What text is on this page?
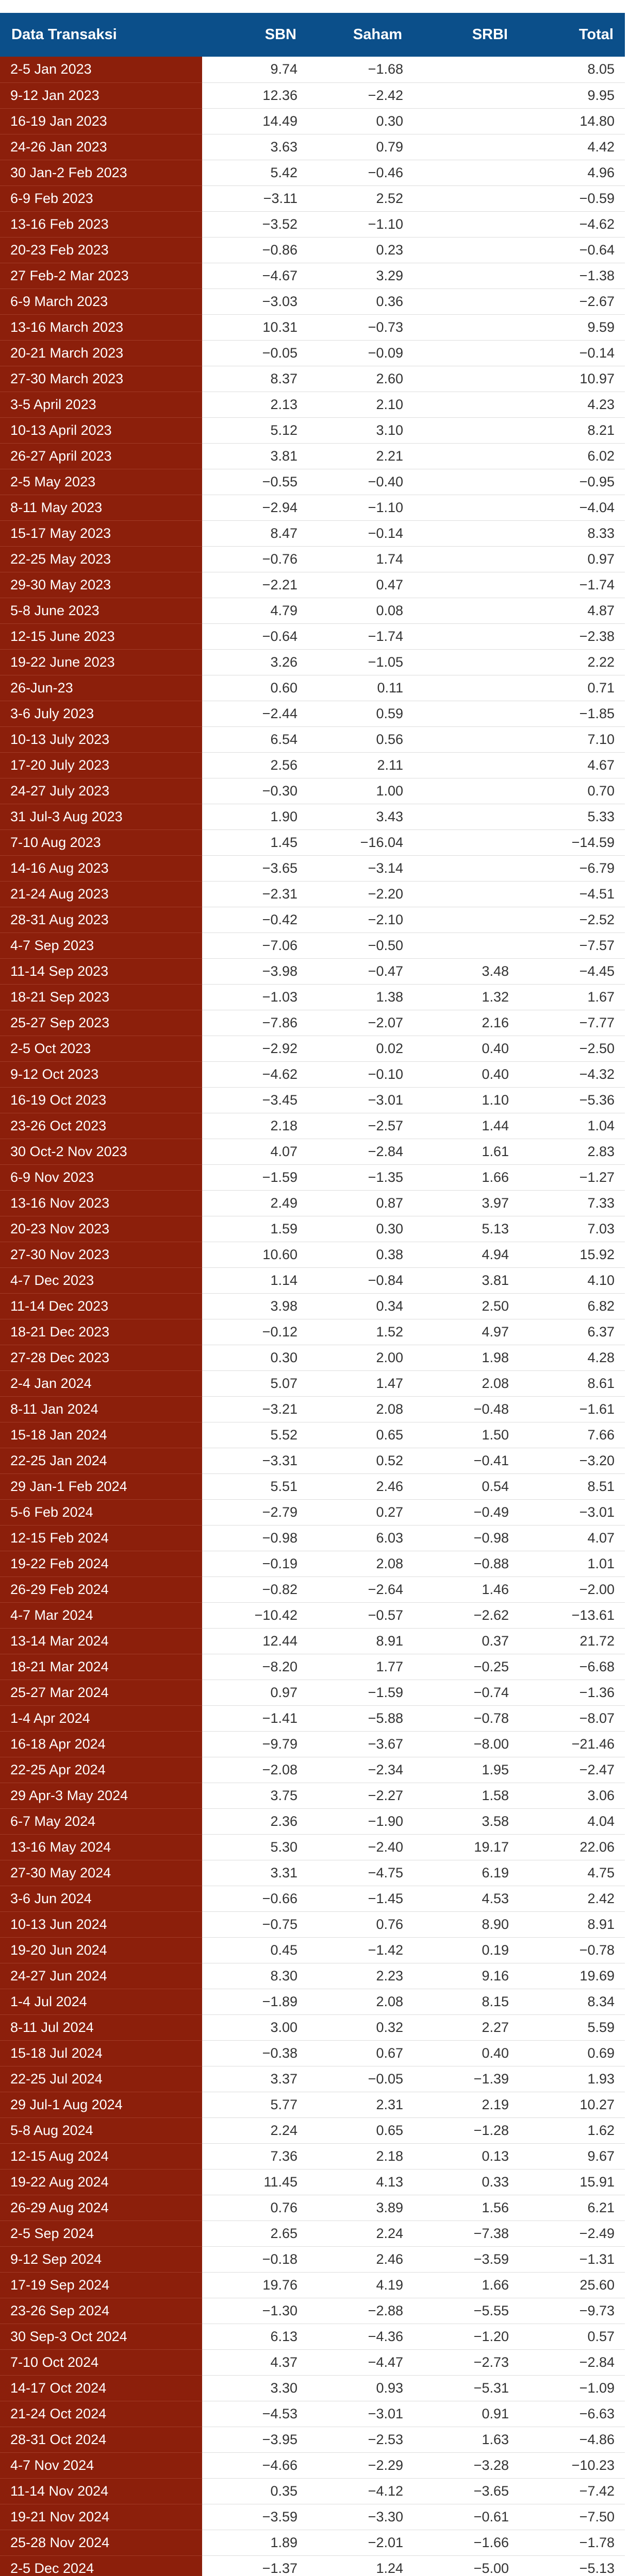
Data Transaksi	SBN	Saham	SRBI	Total
2-5 Jan 2023	9.74	−1.68		8.05
9-12 Jan 2023	12.36	−2.42		9.95
16-19 Jan 2023	14.49	0.30		14.80
24-26 Jan 2023	3.63	0.79		4.42
30 Jan-2 Feb 2023	5.42	−0.46		4.96
6-9 Feb 2023	−3.11	2.52		−0.59
13-16 Feb 2023	−3.52	−1.10		−4.62
20-23 Feb 2023	−0.86	0.23		−0.64
27 Feb-2 Mar 2023	−4.67	3.29		−1.38
6-9 March 2023	−3.03	0.36		−2.67
13-16 March 2023	10.31	−0.73		9.59
20-21 March 2023	−0.05	−0.09		−0.14
27-30 March 2023	8.37	2.60		10.97
3-5 April 2023	2.13	2.10		4.23
10-13 April 2023	5.12	3.10		8.21
26-27 April 2023	3.81	2.21		6.02
2-5 May 2023	−0.55	−0.40		−0.95
8-11 May 2023	−2.94	−1.10		−4.04
15-17 May 2023	8.47	−0.14		8.33
22-25 May 2023	−0.76	1.74		0.97
29-30 May 2023	−2.21	0.47		−1.74
5-8 June 2023	4.79	0.08		4.87
12-15 June 2023	−0.64	−1.74		−2.38
19-22 June 2023	3.26	−1.05		2.22
26-Jun-23	0.60	0.11		0.71
3-6 July 2023	−2.44	0.59		−1.85
10-13 July 2023	6.54	0.56		7.10
17-20 July 2023	2.56	2.11		4.67
24-27 July 2023	−0.30	1.00		0.70
31 Jul-3 Aug 2023	1.90	3.43		5.33
7-10 Aug 2023	1.45	−16.04		−14.59
14-16 Aug 2023	−3.65	−3.14		−6.79
21-24 Aug 2023	−2.31	−2.20		−4.51
28-31 Aug 2023	−0.42	−2.10		−2.52
4-7 Sep 2023	−7.06	−0.50		−7.57
11-14 Sep 2023	−3.98	−0.47	3.48	−4.45
18-21 Sep 2023	−1.03	1.38	1.32	1.67
25-27 Sep 2023	−7.86	−2.07	2.16	−7.77
2-5 Oct 2023	−2.92	0.02	0.40	−2.50
9-12 Oct 2023	−4.62	−0.10	0.40	−4.32
16-19 Oct 2023	−3.45	−3.01	1.10	−5.36
23-26 Oct 2023	2.18	−2.57	1.44	1.04
30 Oct-2 Nov 2023	4.07	−2.84	1.61	2.83
6-9 Nov 2023	−1.59	−1.35	1.66	−1.27
13-16 Nov 2023	2.49	0.87	3.97	7.33
20-23 Nov 2023	1.59	0.30	5.13	7.03
27-30 Nov 2023	10.60	0.38	4.94	15.92
4-7 Dec 2023	1.14	−0.84	3.81	4.10
11-14 Dec 2023	3.98	0.34	2.50	6.82
18-21 Dec 2023	−0.12	1.52	4.97	6.37
27-28 Dec 2023	0.30	2.00	1.98	4.28
2-4 Jan 2024	5.07	1.47	2.08	8.61
8-11 Jan 2024	−3.21	2.08	−0.48	−1.61
15-18 Jan 2024	5.52	0.65	1.50	7.66
22-25 Jan 2024	−3.31	0.52	−0.41	−3.20
29 Jan-1 Feb 2024	5.51	2.46	0.54	8.51
5-6 Feb 2024	−2.79	0.27	−0.49	−3.01
12-15 Feb 2024	−0.98	6.03	−0.98	4.07
19-22 Feb 2024	−0.19	2.08	−0.88	1.01
26-29 Feb 2024	−0.82	−2.64	1.46	−2.00
4-7 Mar 2024	−10.42	−0.57	−2.62	−13.61
13-14 Mar 2024	12.44	8.91	0.37	21.72
18-21 Mar 2024	−8.20	1.77	−0.25	−6.68
25-27 Mar 2024	0.97	−1.59	−0.74	−1.36
1-4 Apr 2024	−1.41	−5.88	−0.78	−8.07
16-18 Apr 2024	−9.79	−3.67	−8.00	−21.46
22-25 Apr 2024	−2.08	−2.34	1.95	−2.47
29 Apr-3 May 2024	3.75	−2.27	1.58	3.06
6-7 May 2024	2.36	−1.90	3.58	4.04
13-16 May 2024	5.30	−2.40	19.17	22.06
27-30 May 2024	3.31	−4.75	6.19	4.75
3-6 Jun 2024	−0.66	−1.45	4.53	2.42
10-13 Jun 2024	−0.75	0.76	8.90	8.91
19-20 Jun 2024	0.45	−1.42	0.19	−0.78
24-27 Jun 2024	8.30	2.23	9.16	19.69
1-4 Jul 2024	−1.89	2.08	8.15	8.34
8-11 Jul 2024	3.00	0.32	2.27	5.59
15-18 Jul 2024	−0.38	0.67	0.40	0.69
22-25 Jul 2024	3.37	−0.05	−1.39	1.93
29 Jul-1 Aug 2024	5.77	2.31	2.19	10.27
5-8 Aug 2024	2.24	0.65	−1.28	1.62
12-15 Aug 2024	7.36	2.18	0.13	9.67
19-22 Aug 2024	11.45	4.13	0.33	15.91
26-29 Aug 2024	0.76	3.89	1.56	6.21
2-5 Sep 2024	2.65	2.24	−7.38	−2.49
9-12 Sep 2024	−0.18	2.46	−3.59	−1.31
17-19 Sep 2024	19.76	4.19	1.66	25.60
23-26 Sep 2024	−1.30	−2.88	−5.55	−9.73
30 Sep-3 Oct 2024	6.13	−4.36	−1.20	0.57
7-10 Oct 2024	4.37	−4.47	−2.73	−2.84
14-17 Oct 2024	3.30	0.93	−5.31	−1.09
21-24 Oct 2024	−4.53	−3.01	0.91	−6.63
28-31 Oct 2024	−3.95	−2.53	1.63	−4.86
4-7 Nov 2024	−4.66	−2.29	−3.28	−10.23
11-14 Nov 2024	0.35	−4.12	−3.65	−7.42
19-21 Nov 2024	−3.59	−3.30	−0.61	−7.50
25-28 Nov 2024	1.89	−2.01	−1.66	−1.78
2-5 Dec 2024	−1.37	1.24	−5.00	−5.13
